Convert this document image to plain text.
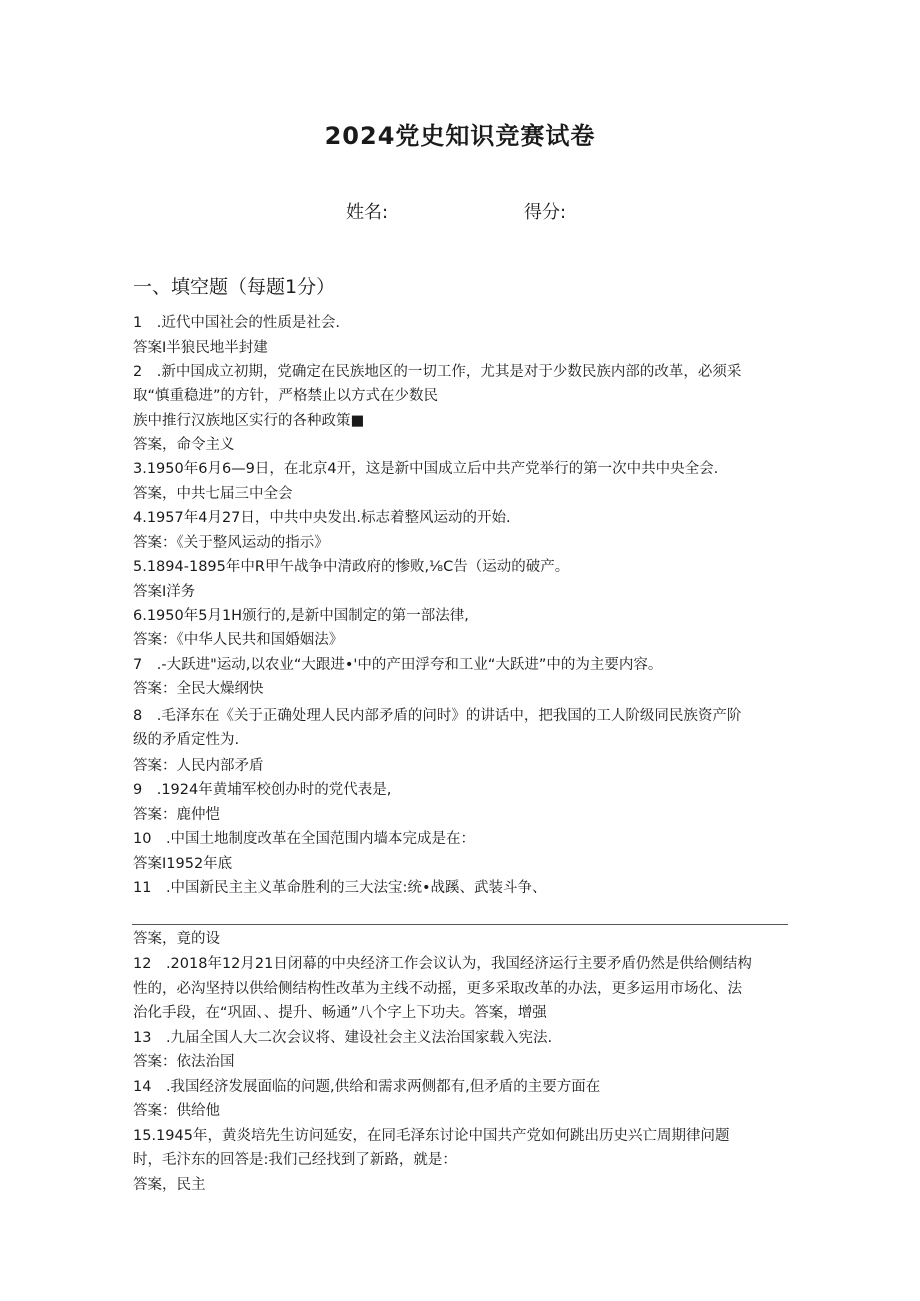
2024党史知识竞赛试卷
姓名:	得分:
一、填空题（每题1分）
1　.近代中国社会的性质是社会.
答案I半狼民地半封建
2　.新中国成立初期，党确定在民族地区的一切工作，尤其是对于少数民族内部的改革，必须采
取“慎重稳进”的方针，严格禁止以方式在少数民
族中推行汉族地区实行的各种政策■
答案，命令主义
3.1950年6月6—9日，在北京4开，这是新中国成立后中共产党举行的第一次中共中央全会.
答案，中共七届三中全会
4.1957年4月27日，中共中央发出.标志着整风运动的开始.
答案：《关于整风运动的指示》
5.1894-1895年中R甲午战争中清政府的惨败,⅛C告（运动的破产。
答案I洋务
6.1950年5月1H颁行的,是新中国制定的第一部法律,
答案：《中华人民共和国婚姻法》
7　.-大跃进"运动,以农业“大跟进•'中的产田浮夸和工业“大跃进”中的为主要内容。
答案：全民大燥纲快
8　.毛泽东在《关于正确处理人民内部矛盾的问时》的讲话中，把我国的工人阶级同民族资产阶
级的矛盾定性为.
答案：人民内部矛盾
9　.1924年黄埔军校创办时的党代表是,
答案：鹿仲恺
10　.中国土地制度改革在全国范围内墙本完成是在：
答案I1952年底
11　.中国新民主主义革命胜利的三大法宝:统•战蹊、武装斗争、
答案，竟的设
12　.2018年12月21日闭幕的中央经济工作会议认为，我国经济运行主要矛盾仍然是供给侧结构
性的，必沟坚持以供给侧结构性改革为主线不动摇，更多采取改革的办法，更多运用市场化、法
治化手段，在“巩固、、提升、畅通”八个字上下功夫。答案，增强
13　.九届全国人大二次会议将、建设社会主义法治国家载入宪法.
答案：依法治国
14　.我国经济发展面临的问题,供给和需求两侧都有,但矛盾的主要方面在
答案：供给他
15.1945年，黄炎培先生访问延安，在同毛泽东讨论中国共产党如何跳出历史兴亡周期律问题
时，毛汴东的回答是:我们己经找到了新路，就是：
答案，民主
